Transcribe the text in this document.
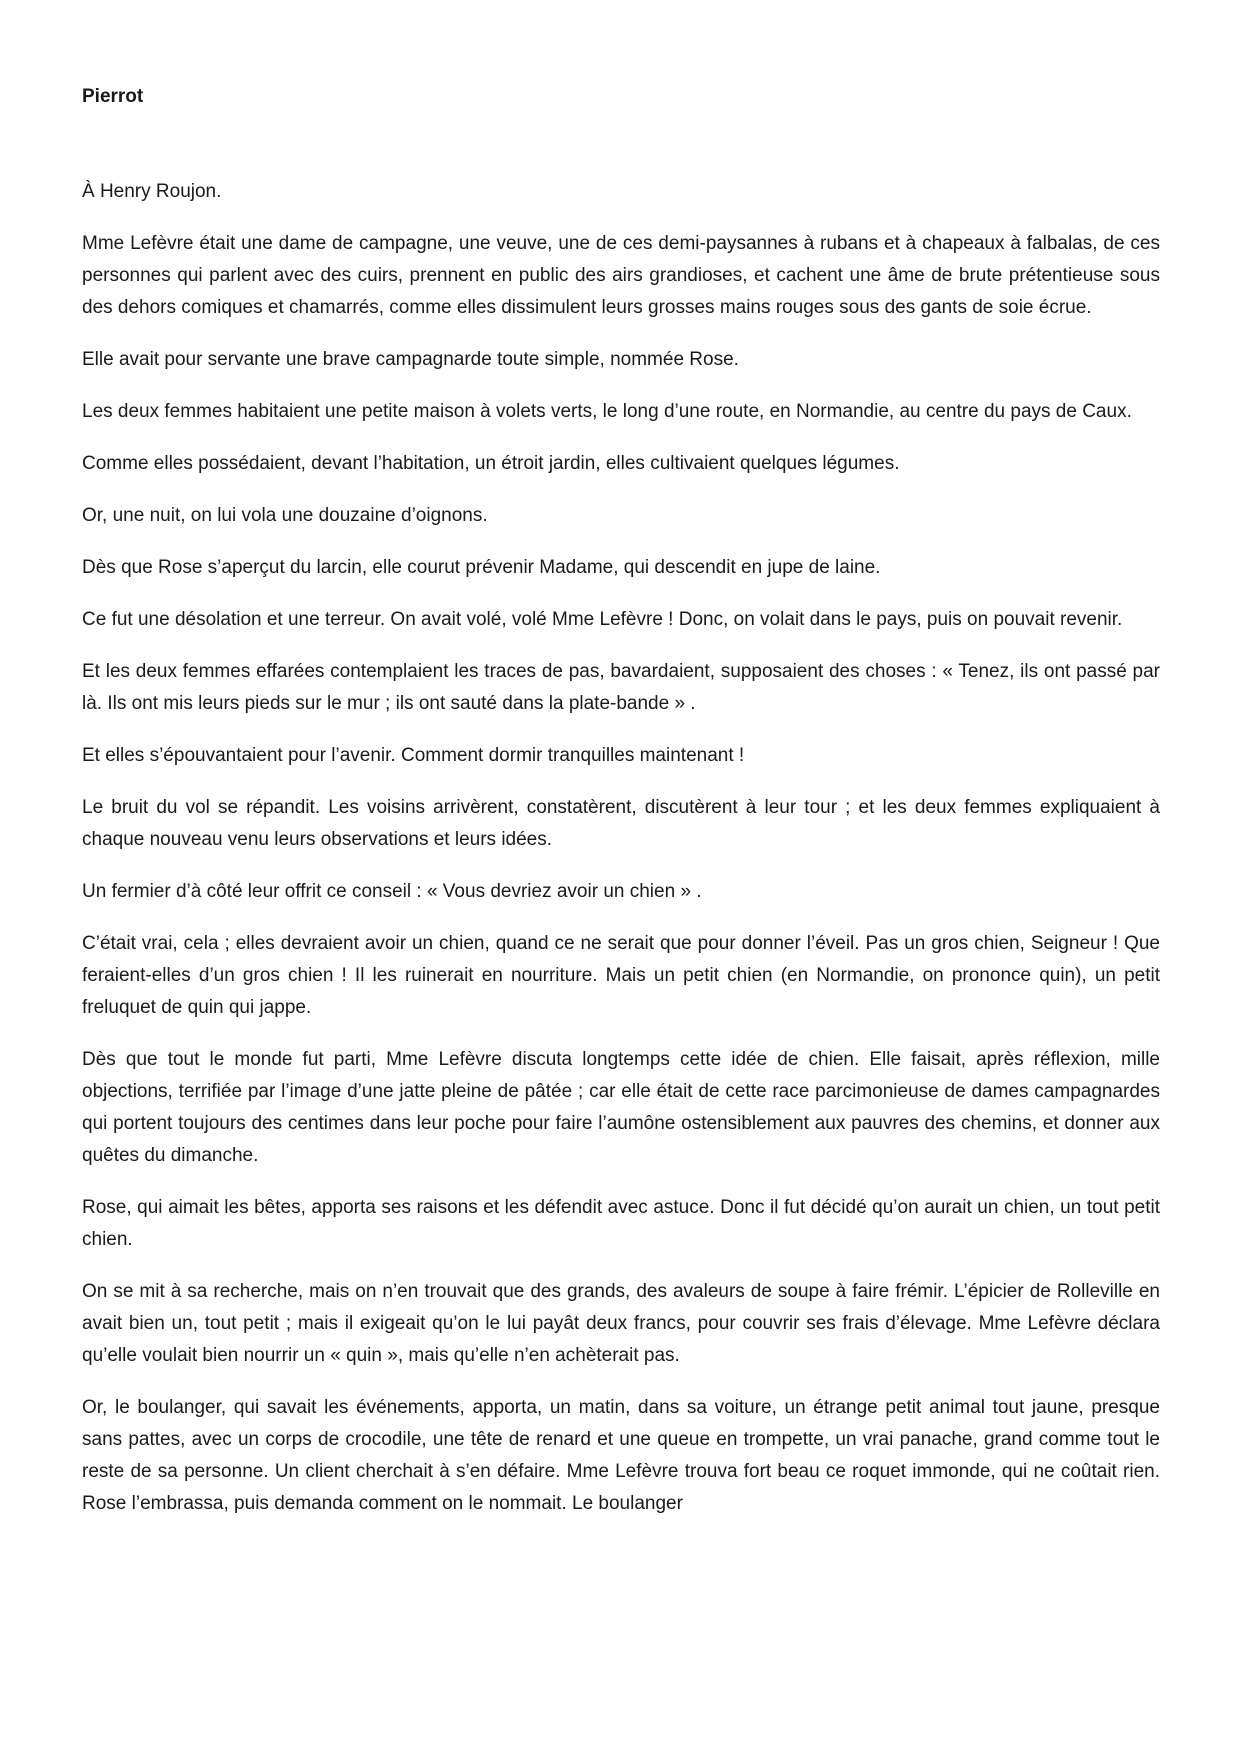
Pierrot

À Henry Roujon.

Mme Lefèvre était une dame de campagne, une veuve, une de ces demi-paysannes à rubans et à chapeaux à falbalas, de ces personnes qui parlent avec des cuirs, prennent en public des airs grandioses, et cachent une âme de brute prétentieuse sous des dehors comiques et chamarrés, comme elles dissimulent leurs grosses mains rouges sous des gants de soie écrue.

Elle avait pour servante une brave campagnarde toute simple, nommée Rose.

Les deux femmes habitaient une petite maison à volets verts, le long d’une route, en Normandie, au centre du pays de Caux.

Comme elles possédaient, devant l’habitation, un étroit jardin, elles cultivaient quelques légumes.

Or, une nuit, on lui vola une douzaine d’oignons.

Dès que Rose s’aperçut du larcin, elle courut prévenir Madame, qui descendit en jupe de laine.

Ce fut une désolation et une terreur. On avait volé, volé Mme Lefèvre ! Donc, on volait dans le pays, puis on pouvait revenir.

Et les deux femmes effarées contemplaient les traces de pas, bavardaient, supposaient des choses : « Tenez, ils ont passé par là. Ils ont mis leurs pieds sur le mur ; ils ont sauté dans la plate-bande » .

Et elles s’épouvantaient pour l’avenir. Comment dormir tranquilles maintenant !

Le bruit du vol se répandit. Les voisins arrivèrent, constatèrent, discutèrent à leur tour ; et les deux femmes expliquaient à chaque nouveau venu leurs observations et leurs idées.

Un fermier d’à côté leur offrit ce conseil : « Vous devriez avoir un chien » .

C’était vrai, cela ; elles devraient avoir un chien, quand ce ne serait que pour donner l’éveil. Pas un gros chien, Seigneur ! Que feraient-elles d’un gros chien ! Il les ruinerait en nourriture. Mais un petit chien (en Normandie, on prononce quin), un petit freluquet de quin qui jappe.

Dès que tout le monde fut parti, Mme Lefèvre discuta longtemps cette idée de chien. Elle faisait, après réflexion, mille objections, terrifiée par l’image d’une jatte pleine de pâtée ; car elle était de cette race parcimonieuse de dames campagnardes qui portent toujours des centimes dans leur poche pour faire l’aumône ostensiblement aux pauvres des chemins, et donner aux quêtes du dimanche.

Rose, qui aimait les bêtes, apporta ses raisons et les défendit avec astuce. Donc il fut décidé qu’on aurait un chien, un tout petit chien.

On se mit à sa recherche, mais on n’en trouvait que des grands, des avaleurs de soupe à faire frémir. L’épicier de Rolleville en avait bien un, tout petit ; mais il exigeait qu’on le lui payât deux francs, pour couvrir ses frais d’élevage. Mme Lefèvre déclara qu’elle voulait bien nourrir un « quin », mais qu’elle n’en achèterait pas.

Or, le boulanger, qui savait les événements, apporta, un matin, dans sa voiture, un étrange petit animal tout jaune, presque sans pattes, avec un corps de crocodile, une tête de renard et une queue en trompette, un vrai panache, grand comme tout le reste de sa personne. Un client cherchait à s’en défaire. Mme Lefèvre trouva fort beau ce roquet immonde, qui ne coûtait rien. Rose l’embrassa, puis demanda comment on le nommait. Le boulanger
